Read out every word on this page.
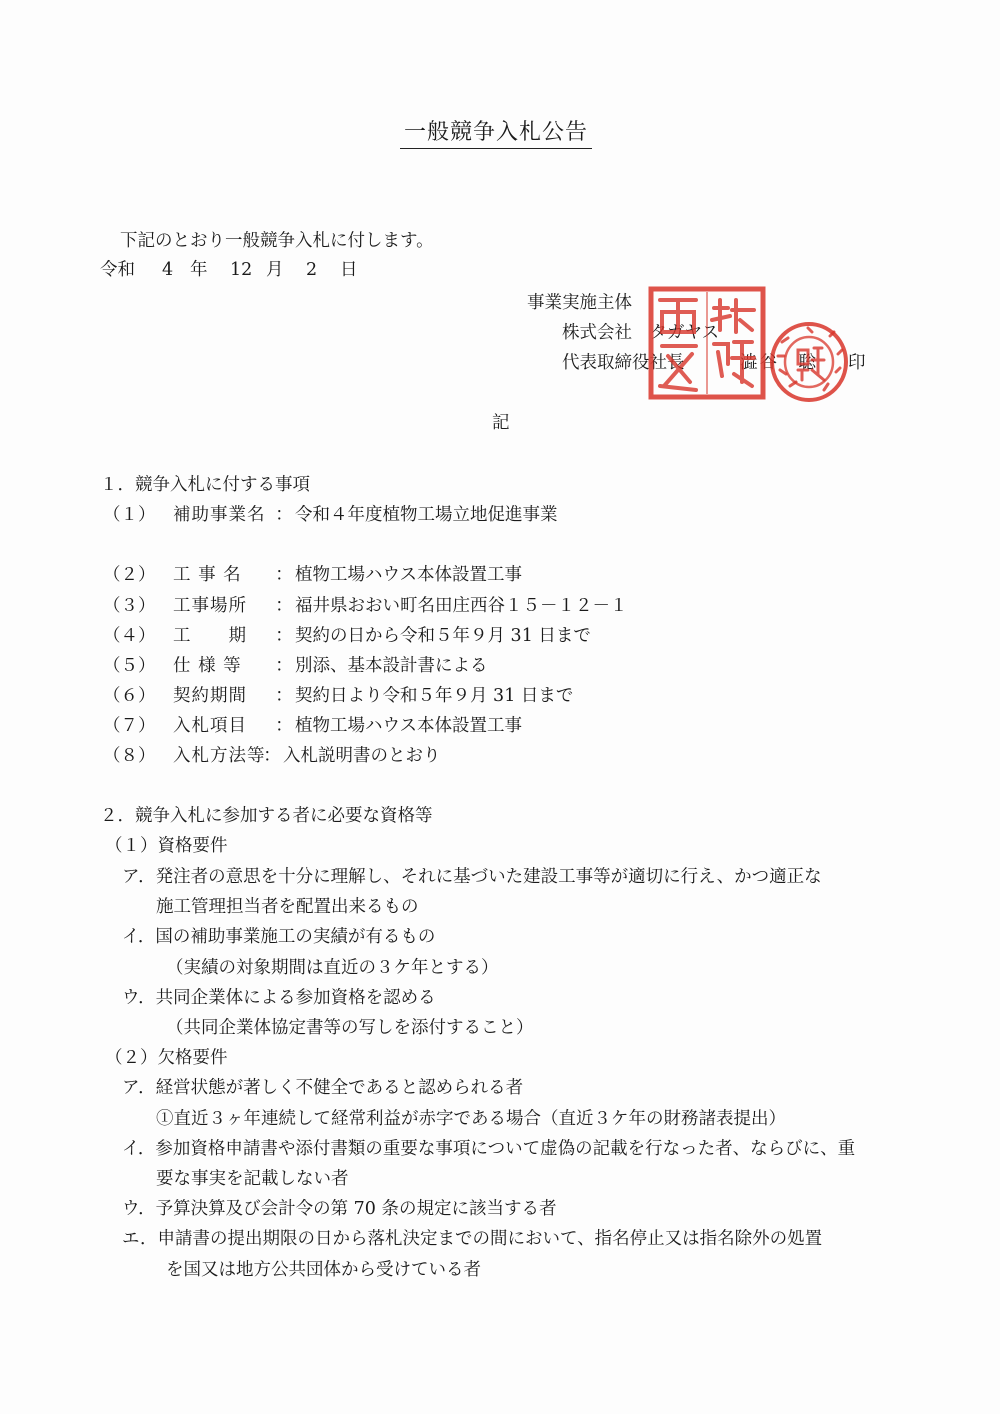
一般競争入札公告
下記のとおり一般競争入札に付します。
令和 4 年 12 月 2 日
事業実施主体
株式会社　タガヤス
代表取締役社長	澁谷　聡 印
記
１．競争入札に付する事項
（１） 補助事業名 ： 令和４年度植物工場立地促進事業
（２） 工 事 名 ： 植物工場ハウス本体設置工事
（３） 工事場所 ： 福井県おおい町名田庄西谷１５－１２－１
（４） 工　　期 ： 契約の日から令和５年９月 31 日まで
（５） 仕 様 等 ： 別添、基本設計書による
（６） 契約期間 ： 契約日より令和５年９月 31 日まで
（７） 入札項目 ： 植物工場ハウス本体設置工事
（８） 入札方法等： 入札説明書のとおり
２．競争入札に参加する者に必要な資格等
（１）資格要件
ア．発注者の意思を十分に理解し、それに基づいた建設工事等が適切に行え、かつ適正な
施工管理担当者を配置出来るもの
イ．国の補助事業施工の実績が有るもの
（実績の対象期間は直近の３ケ年とする）
ウ．共同企業体による参加資格を認める
（共同企業体協定書等の写しを添付すること）
（２）欠格要件
ア．経営状態が著しく不健全であると認められる者
①直近３ヶ年連続して経常利益が赤字である場合（直近３ケ年の財務諸表提出）
イ．参加資格申請書や添付書類の重要な事項について虚偽の記載を行なった者、ならびに、重
要な事実を記載しない者
ウ．予算決算及び会計令の第 70 条の規定に該当する者
エ．申請書の提出期限の日から落札決定までの間において、指名停止又は指名除外の処置
を国又は地方公共団体から受けている者
